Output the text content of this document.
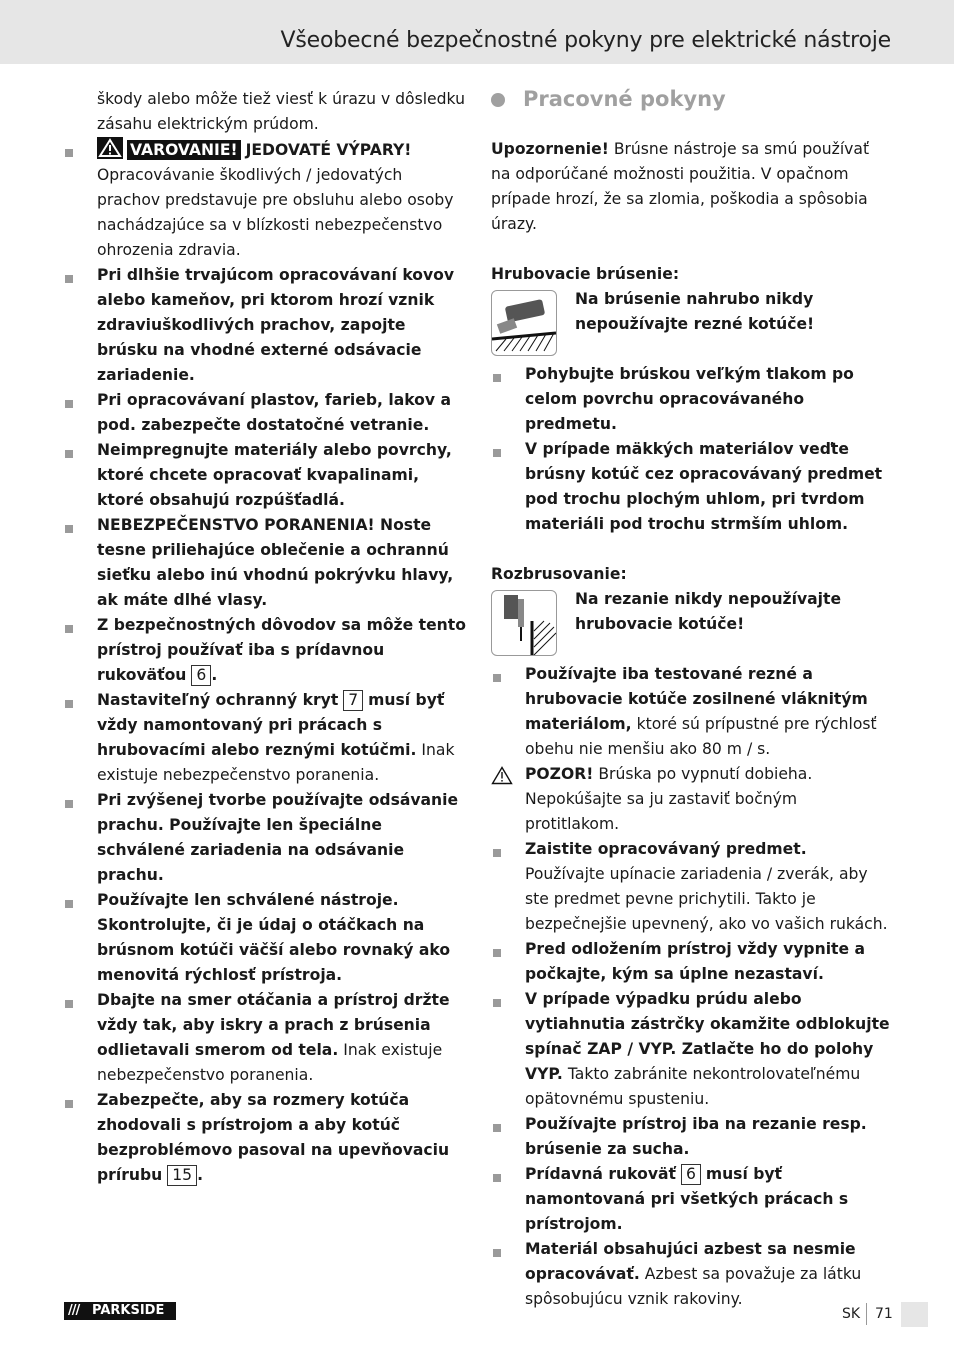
Všeobecné bezpečnostné pokyny pre elektrické nástroje

škody alebo môže tiež viesť k úrazu v dôsledku zásahu elektrickým prúdom.

VAROVANIE! JEDOVATÉ VÝPARY!
Opracovávanie škodlivých / jedovatých prachov predstavuje pre obsluhu alebo osoby nachádzajúce sa v blízkosti nebezpečenstvo ohrozenia zdravia.

Pri dlhšie trvajúcom opracovávaní kovov alebo kameňov, pri ktorom hrozí vznik zdraviuškodlivých prachov, zapojte brúsku na vhodné externé odsávacie zariadenie.

Pri opracovávaní plastov, farieb, lakov a pod. zabezpečte dostatočné vetranie.

Neimpregnujte materiály alebo povrchy, ktoré chcete opracovať kvapalinami, ktoré obsahujú rozpúšťadlá.

NEBEZPEČENSTVO PORANENIA! Noste tesne priliehajúce oblečenie a ochrannú sieťku alebo inú vhodnú pokrývku hlavy, ak máte dlhé vlasy.

Z bezpečnostných dôvodov sa môže tento prístroj používať iba s prídavnou rukoväťou 6 .

Nastaviteľný ochranný kryt 7 musí byť vždy namontovaný pri prácach s hrubovacími alebo reznými kotúčmi. Inak existuje nebezpečenstvo poranenia.

Pri zvýšenej tvorbe používajte odsávanie prachu. Používajte len špeciálne schválené zariadenia na odsávanie prachu.

Používajte len schválené nástroje. Skontrolujte, či je údaj o otáčkach na brúsnom kotúči väčší alebo rovnaký ako menovitá rýchlosť prístroja.

Dbajte na smer otáčania a prístroj držte vždy tak, aby iskry a prach z brúsenia odlietavali smerom od tela. Inak existuje nebezpečenstvo poranenia.

Zabezpečte, aby sa rozmery kotúča zhodovali s prístrojom a aby kotúč bezproblémovo pasoval na upevňovaciu prírubu 15 .

Pracovné pokyny

Upozornenie! Brúsne nástroje sa smú používať na odporúčané možnosti použitia. V opačnom prípade hrozí, že sa zlomia, poškodia a spôsobia úrazy.

Hrubovacie brúsenie:

Na brúsenie nahrubo nikdy nepoužívajte rezné kotúče!

Pohybujte brúskou veľkým tlakom po celom povrchu opracovávaného predmetu.

V prípade mäkkých materiálov veďte brúsny kotúč cez opracovávaný predmet pod trochu plochým uhlom, pri tvrdom materiáli pod trochu strmším uhlom.

Rozbrusovanie:

Na rezanie nikdy nepoužívajte hrubovacie kotúče!

Používajte iba testované rezné a hrubovacie kotúče zosilnené vláknitým materiálom, ktoré sú prípustné pre rýchlosť obehu nie menšiu ako 80 m / s.

POZOR! Brúska po vypnutí dobieha. Nepokúšajte sa ju zastaviť bočným protitlakom.

Zaistite opracovávaný predmet. Používajte upínacie zariadenia / zverák, aby ste predmet pevne prichytili. Takto je bezpečnejšie upevnený, ako vo vašich rukách.

Pred odložením prístroj vždy vypnite a počkajte, kým sa úplne nezastaví.

V prípade výpadku prúdu alebo vytiahnutia zástrčky okamžite odblokujte spínač ZAP / VYP. Zatlačte ho do polohy VYP. Takto zabránite nekontrolovateľnému opätovnému spusteniu.

Používajte prístroj iba na rezanie resp. brúsenie za sucha.

Prídavná rukoväť 6 musí byť namontovaná pri všetkých prácach s prístrojom.

Materiál obsahujúci azbest sa nesmie opracovávať. Azbest sa považuje za látku spôsobujúcu vznik rakoviny.

/// PARKSIDE	SK 71
